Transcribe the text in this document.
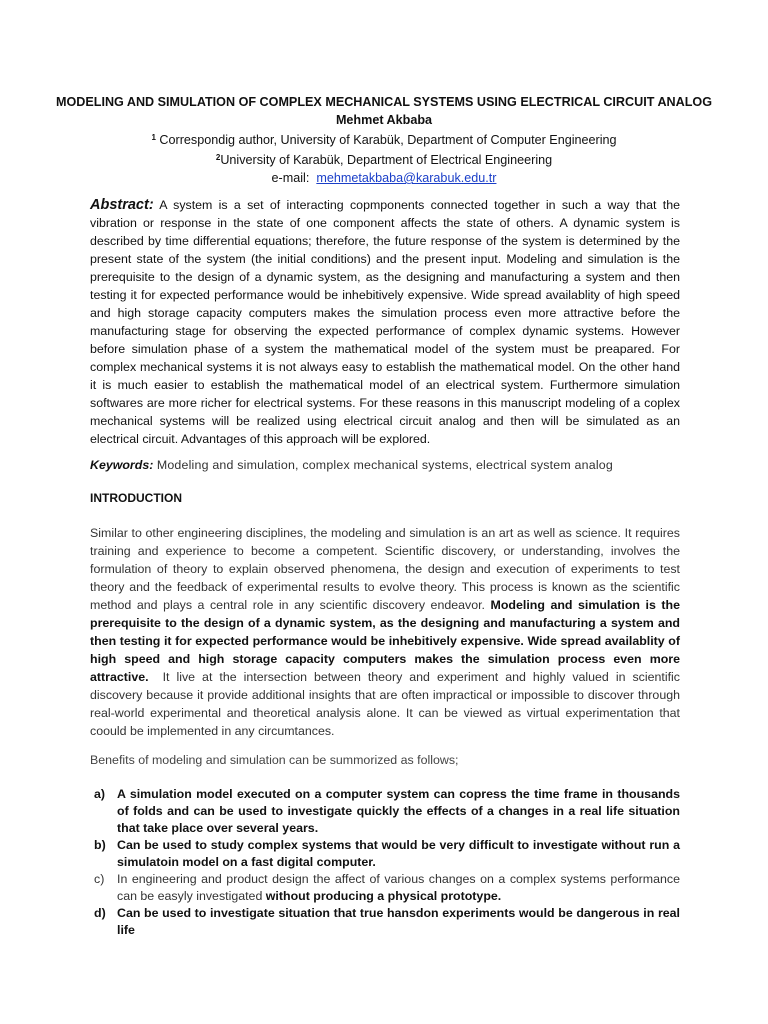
MODELING AND SIMULATION OF COMPLEX MECHANICAL SYSTEMS USING ELECTRICAL CIRCUIT ANALOG
Mehmet Akbaba
$^1$ Correspondig author, University of Karabük, Department of Computer Engineering
$^2$University of Karabük, Department of Electrical Engineering
e-mail: mehmetakbaba@karabuk.edu.tr
Abstract: A system is a set of interacting copmponents connected together in such a way that the vibration or response in the state of one component affects the state of others. A dynamic system is described by time differential equations; therefore, the future response of the system is determined by the present state of the system (the initial conditions) and the present input. Modeling and simulation is the prerequisite to the design of a dynamic system, as the designing and manufacturing a system and then testing it for expected performance would be inhebitively expensive. Wide spread availablity of high speed and high storage capacity computers makes the simulation process even more attractive before the manufacturing stage for observing the expected performance of complex dynamic systems. However before simulation phase of a system the mathematical model of the system must be preapared. For complex mechanical systems it is not always easy to establish the mathematical model. On the other hand it is much easier to establish the mathematical model of an electrical system. Furthermore simulation softwares are more richer for electrical systems. For these reasons in this manuscript modeling of a coplex mechanical systems will be realized using electrical circuit analog and then will be simulated as an electrical circuit. Advantages of this approach will be explored.
Keywords: Modeling and simulation, complex mechanical systems, electrical system analog
INTRODUCTION
Similar to other engineering disciplines, the modeling and simulation is an art as well as science. It requires training and experience to become a competent. Scientific discovery, or understanding, involves the formulation of theory to explain observed phenomena, the design and execution of experiments to test theory and the feedback of experimental results to evolve theory. This process is known as the scientific method and plays a central role in any scientific discovery endeavor. Modeling and simulation is the prerequisite to the design of a dynamic system, as the designing and manufacturing a system and then testing it for expected performance would be inhebitively expensive. Wide spread availablity of high speed and high storage capacity computers makes the simulation process even more attractive. It live at the intersection between theory and experiment and highly valued in scientific discovery because it provide additional insights that are often impractical or impossible to discover through real-world experimental and theoretical analysis alone. It can be viewed as virtual experimentation that coould be implemented in any circumtances.
Benefits of modeling and simulation can be summorized as follows;
a) A simulation model executed on a computer system can copress the time frame in thousands of folds and can be used to investigate quickly the effects of a changes in a real life situation that take place over several years.
b) Can be used to study complex systems that would be very difficult to investigate without run a simulatoin model on a fast digital computer.
c) In engineering and product design the affect of various changes on a complex systems performance can be easyly investigated without producing a physical prototype.
d) Can be used to investigate situation that true hansdon experiments would be dangerous in real life
